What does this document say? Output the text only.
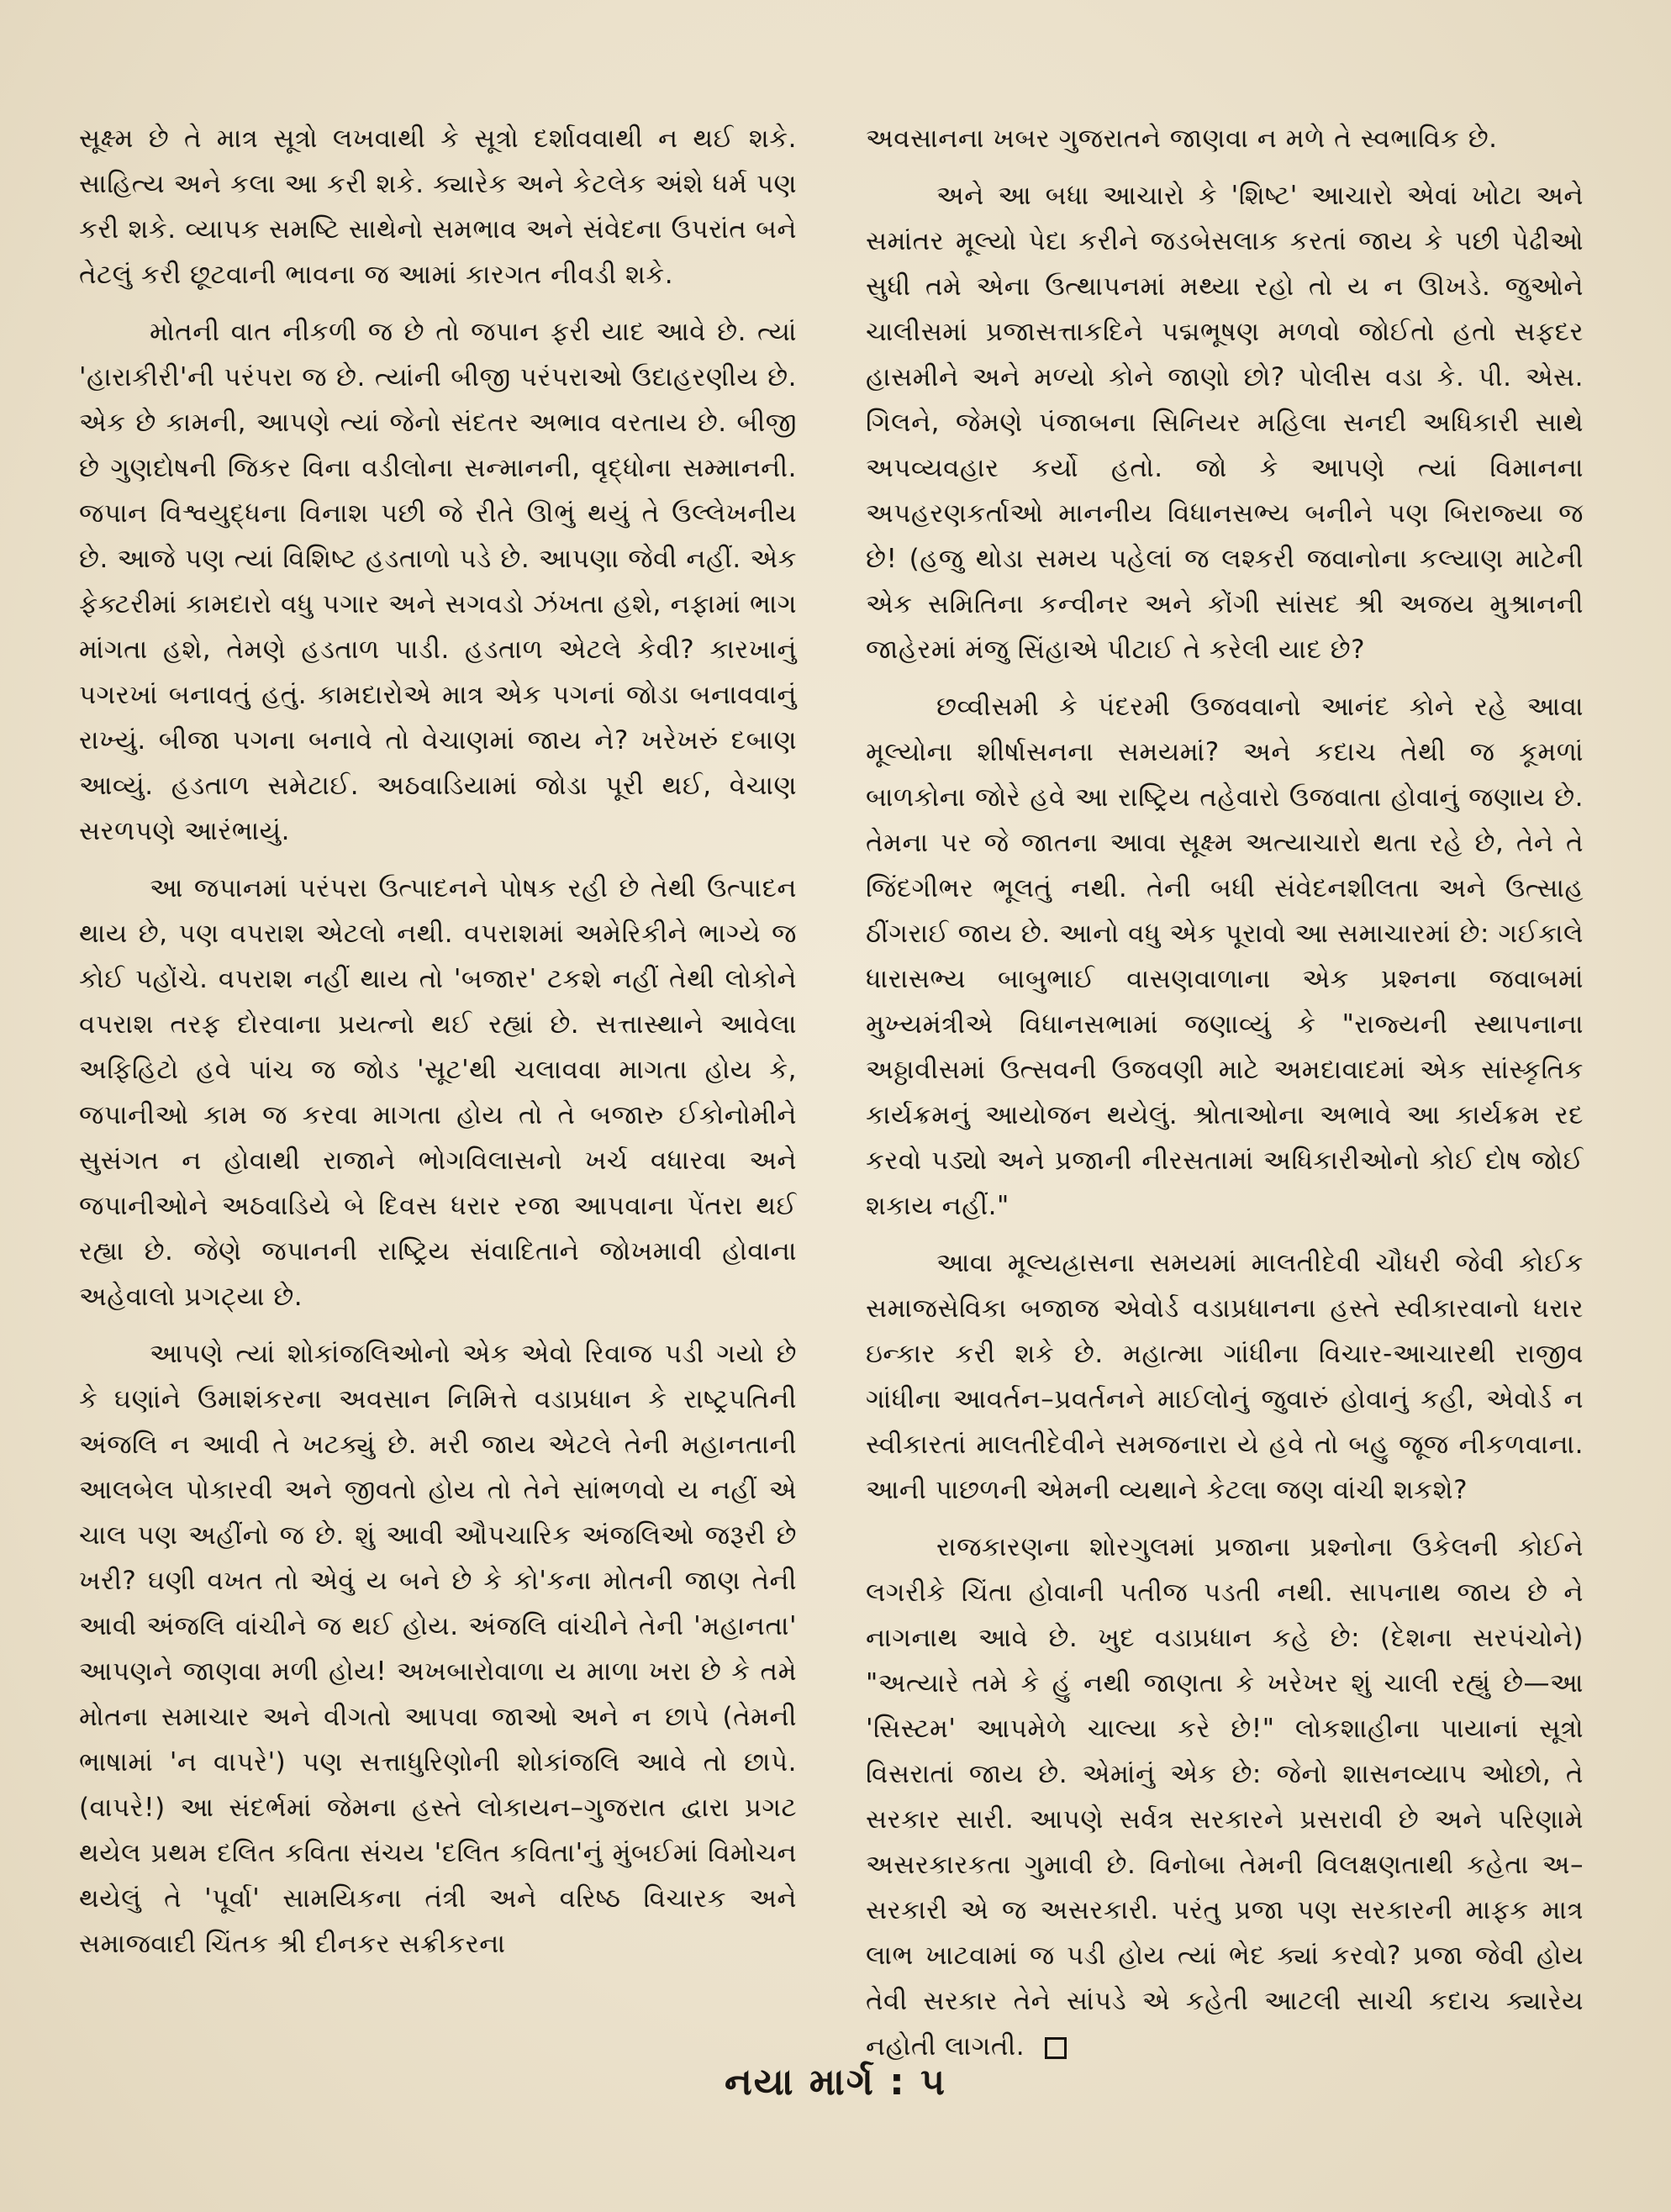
સૂક્ષ્મ છે તે માત્ર સૂત્રો લખવાથી કે સૂત્રો દર્શાવવાથી ન થઈ શકે. સાહિત્ય અને કલા આ કરી શકે. ક્યારેક અને કેટલેક અંશે ધર્મ પણ કરી શકે. વ્યાપક સમષ્ટિ સાથેનો સમભાવ અને સંવેદના ઉપરાંત બને તેટલું કરી છૂટવાની ભાવના જ આમાં કારગત નીવડી શકે.

મોતની વાત નીકળી જ છે તો જપાન ફરી યાદ આવે છે. ત્યાં 'હારાકીરી'ની પરંપરા જ છે. ત્યાંની બીજી પરંપરાઓ ઉદાહરણીય છે. એક છે કામની, આપણે ત્યાં જેનો સંદતર અભાવ વરતાય છે. બીજી છે ગુણદોષની જિકર વિના વડીલોના સન્માનની, વૃદ્ધોના સમ્માનની. જપાન વિશ્વયુદ્ધના વિનાશ પછી જે રીતે ઊભું થયું તે ઉલ્લેખનીય છે. આજે પણ ત્યાં વિશિષ્ટ હડતાળો પડે છે. આપણા જેવી નહીં. એક ફેક્ટરીમાં કામદારો વધુ પગાર અને સગવડો ઝંખતા હશે, નફામાં ભાગ માંગતા હશે, તેમણે હડતાળ પાડી. હડતાળ એટલે કેવી? કારખાનું પગરખાં બનાવતું હતું. કામદારોએ માત્ર એક પગનાં જોડા બનાવવાનું રાખ્યું. બીજા પગના બનાવે તો વેચાણમાં જાય ને? ખરેખરું દબાણ આવ્યું. હડતાળ સમેટાઈ. અઠવાડિયામાં જોડા પૂરી થઈ, વેચાણ સરળપણે આરંભાયું.

આ જપાનમાં પરંપરા ઉત્પાદનને પોષક રહી છે તેથી ઉત્પાદન થાય છે, પણ વપરાશ એટલો નથી. વપરાશમાં અમેરિકીને ભાગ્યે જ કોઈ પહોંચે. વપરાશ નહીં થાય તો 'બજાર' ટકશે નહીં તેથી લોકોને વપરાશ તરફ દોરવાના પ્રયત્નો થઈ રહ્યાં છે. સત્તાસ્થાને આવેલા અફિહિટો હવે પાંચ જ જોડ 'સૂટ'થી ચલાવવા માગતા હોય કે, જપાનીઓ કામ જ કરવા માગતા હોય તો તે બજારુ ઈકોનોમીને સુસંગત ન હોવાથી રાજાને ભોગવિલાસનો ખર્ચ વધારવા અને જપાનીઓને અઠવાડિયે બે દિવસ ધરાર રજા આપવાના પેંતરા થઈ રહ્યા છે. જેણે જપાનની રાષ્ટ્રિય સંવાદિતાને જોખમાવી હોવાના અહેવાલો પ્રગટ્યા છે.

આપણે ત્યાં શોકાંજલિઓનો એક એવો રિવાજ પડી ગયો છે કે ઘણાંને ઉમાશંકરના અવસાન નિમિત્તે વડાપ્રધાન કે રાષ્ટ્રપતિની અંજલિ ન આવી તે ખટક્યું છે. મરી જાય એટલે તેની મહાનતાની આલબેલ પોકારવી અને જીવતો હોય તો તેને સાંભળવો ય નહીં એ ચાલ પણ અહીંનો જ છે. શું આવી ઔપચારિક અંજલિઓ જરૂરી છે ખરી? ઘણી વખત તો એવું ય બને છે કે કો'કના મોતની જાણ તેની આવી અંજલિ વાંચીને જ થઈ હોય. અંજલિ વાંચીને તેની 'મહાનતા' આપણને જાણવા મળી હોય! અખબારોવાળા ય માળા ખરા છે કે તમે મોતના સમાચાર અને વીગતો આપવા જાઓ અને ન છાપે (તેમની ભાષામાં 'ન વાપરે') પણ સત્તાધુરિણોની શોકાંજલિ આવે તો છાપે. (વાપરે!) આ સંદર્ભમાં જેમના હસ્તે લોકાયન–ગુજરાત દ્વારા પ્રગટ થયેલ પ્રથમ દલિત કવિતા સંચય 'દલિત કવિતા'નું મુંબઈમાં વિમોચન થયેલું તે 'પૂર્વા' સામયિકના તંત્રી અને વરિષ્ઠ વિચારક અને સમાજવાદી ચિંતક શ્રી દીનકર સક્રીકરના

અવસાનના ખબર ગુજરાતને જાણવા ન મળે તે સ્વભાવિક છે.

અને આ બધા આચારો કે 'શિષ્ટ' આચારો એવાં ખોટા અને સમાંતર મૂલ્યો પેદા કરીને જડબેસલાક કરતાં જાય કે પછી પેઢીઓ સુધી તમે એના ઉત્થાપનમાં મથ્યા રહો તો ય ન ઊખડે. જુઓને ચાલીસમાં પ્રજાસત્તાકદિને પદ્મભૂષણ મળવો જોઈતો હતો સફદર હાસમીને અને મળ્યો કોને જાણો છો? પોલીસ વડા કે. પી. એસ. ગિલને, જેમણે પંજાબના સિનિયર મહિલા સનદી અધિકારી સાથે અપવ્યવહાર કર્યો હતો. જો કે આપણે ત્યાં વિમાનના અપહરણકર્તાઓ માનનીય વિધાનસભ્ય બનીને પણ બિરાજ્યા જ છે! (હજુ થોડા સમય પહેલાં જ લશ્કરી જવાનોના કલ્યાણ માટેની એક સમિતિના કન્વીનર અને કોંગી સાંસદ શ્રી અજય મુશ્રાનની જાહેરમાં મંજુ સિંહાએ પીટાઈ તે કરેલી યાદ છે?

છવ્વીસમી કે પંદરમી ઉજવવાનો આનંદ કોને રહે આવા મૂલ્યોના શીર્ષાસનના સમયમાં? અને કદાચ તેથી જ કૂમળાં બાળકોના જોરે હવે આ રાષ્ટ્રિય તહેવારો ઉજવાતા હોવાનું જણાય છે. તેમના પર જે જાતના આવા સૂક્ષ્મ અત્યાચારો થતા રહે છે, તેને તે જિંદગીભર ભૂલતું નથી. તેની બધી સંવેદનશીલતા અને ઉત્સાહ ઠીંગરાઈ જાય છે. આનો વધુ એક પૂરાવો આ સમાચારમાં છે: ગઈકાલે ધારાસભ્ય બાબુભાઈ વાસણવાળાના એક પ્રશ્નના જવાબમાં મુખ્યમંત્રીએ વિધાનસભામાં જણાવ્યું કે "રાજ્યની સ્થાપનાના અઠ્ઠાવીસમાં ઉત્સવની ઉજવણી માટે અમદાવાદમાં એક સાંસ્કૃતિક કાર્યક્રમનું આયોજન થયેલું. શ્રોતાઓના અભાવે આ કાર્યક્રમ રદ કરવો પડ્યો અને પ્રજાની નીરસતામાં અધિકારીઓનો કોઈ દોષ જોઈ શકાય નહીં."

આવા મૂલ્યહ્રાસના સમયમાં માલતીદેવી ચૌધરી જેવી કોઈક સમાજસેવિકા બજાજ એવોર્ડ વડાપ્રધાનના હસ્તે સ્વીકારવાનો ધરાર ઇન્કાર કરી શકે છે. મહાત્મા ગાંધીના વિચાર-આચારથી રાજીવ ગાંધીના આવર્તન–પ્રવર્તનને માઈલોનું જુવારું હોવાનું કહી, એવોર્ડ ન સ્વીકારતાં માલતીદેવીને સમજનારા યે હવે તો બહુ જૂજ નીકળવાના. આની પાછળની એમની વ્યથાને કેટલા જણ વાંચી શકશે?

રાજકારણના શોરગુલમાં પ્રજાના પ્રશ્નોના ઉકેલની કોઈને લગરીકે ચિંતા હોવાની પતીજ પડતી નથી. સાપનાથ જાય છે ને નાગનાથ આવે છે. ખુદ વડાપ્રધાન કહે છે: (દેશના સરપંચોને) "અત્યારે તમે કે હું નથી જાણતા કે ખરેખર શું ચાલી રહ્યું છે—આ 'સિસ્ટમ' આપમેળે ચાલ્યા કરે છે!" લોકશાહીના પાયાનાં સૂત્રો વિસરાતાં જાય છે. એમાંનું એક છે: જેનો શાસનવ્યાપ ઓછો, તે સરકાર સારી. આપણે સર્વત્ર સરકારને પ્રસરાવી છે અને પરિણામે અસરકારકતા ગુમાવી છે. વિનોબા તેમની વિલક્ષણતાથી કહેતા અ–સરકારી એ જ અસરકારી. પરંતુ પ્રજા પણ સરકારની માફક માત્ર લાભ ખાટવામાં જ પડી હોય ત્યાં ભેદ ક્યાં કરવો? પ્રજા જેવી હોય તેવી સરકાર તેને સાંપડે એ કહેતી આટલી સાચી કદાચ ક્યારેય નહોતી લાગતી.

નયા માર્ગ : ૫
